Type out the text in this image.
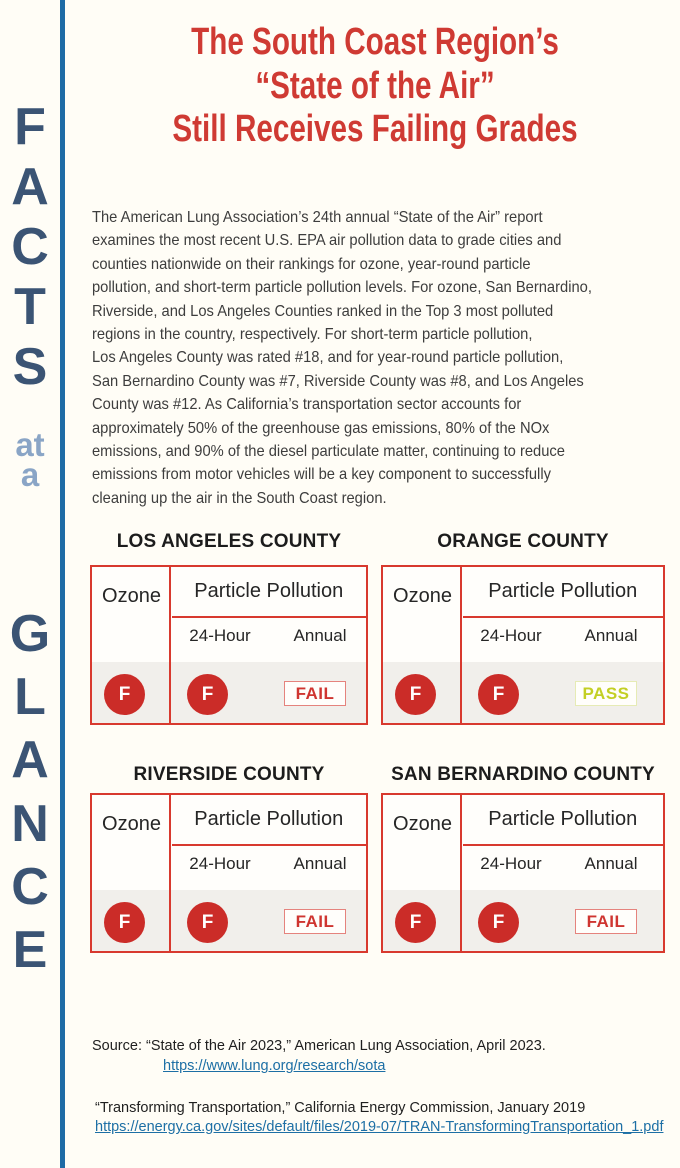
F
A
C
T
S
at
a
G
L
A
N
C
E
The South Coast Region’s
“State of the Air”
Still Receives Failing Grades
The American Lung Association’s 24th annual “State of the Air” report
examines the most recent U.S. EPA air pollution data to grade cities and
counties nationwide on their rankings for ozone, year-round particle
pollution, and short-term particle pollution levels. For ozone, San Bernardino,
Riverside, and Los Angeles Counties ranked in the Top 3 most polluted
regions in the country, respectively. For short-term particle pollution,
Los Angeles County was rated #18, and for year-round particle pollution,
San Bernardino County was #7, Riverside County was #8, and Los Angeles
County was #12. As California’s transportation sector accounts for
approximately 50% of the greenhouse gas emissions, 80% of the NOx
emissions, and 90% of the diesel particulate matter, continuing to reduce
emissions from motor vehicles will be a key component to successfully
cleaning up the air in the South Coast region.
LOS ANGELES COUNTY	ORANGE COUNTY
RIVERSIDE COUNTY	SAN BERNARDINO COUNTY
Ozone	Particle Pollution
24-Hour	Annual
F	F	FAIL
Ozone	Particle Pollution
24-Hour	Annual
F	F	PASS
Ozone	Particle Pollution
24-Hour	Annual
F	F	FAIL
Ozone	Particle Pollution
24-Hour	Annual
F	F	FAIL
Source: “State of the Air 2023,” American Lung Association, April 2023.
https://www.lung.org/research/sota
“Transforming Transportation,” California Energy Commission, January 2019
https://energy.ca.gov/sites/default/files/2019-07/TRAN-TransformingTransportation_1.pdf
